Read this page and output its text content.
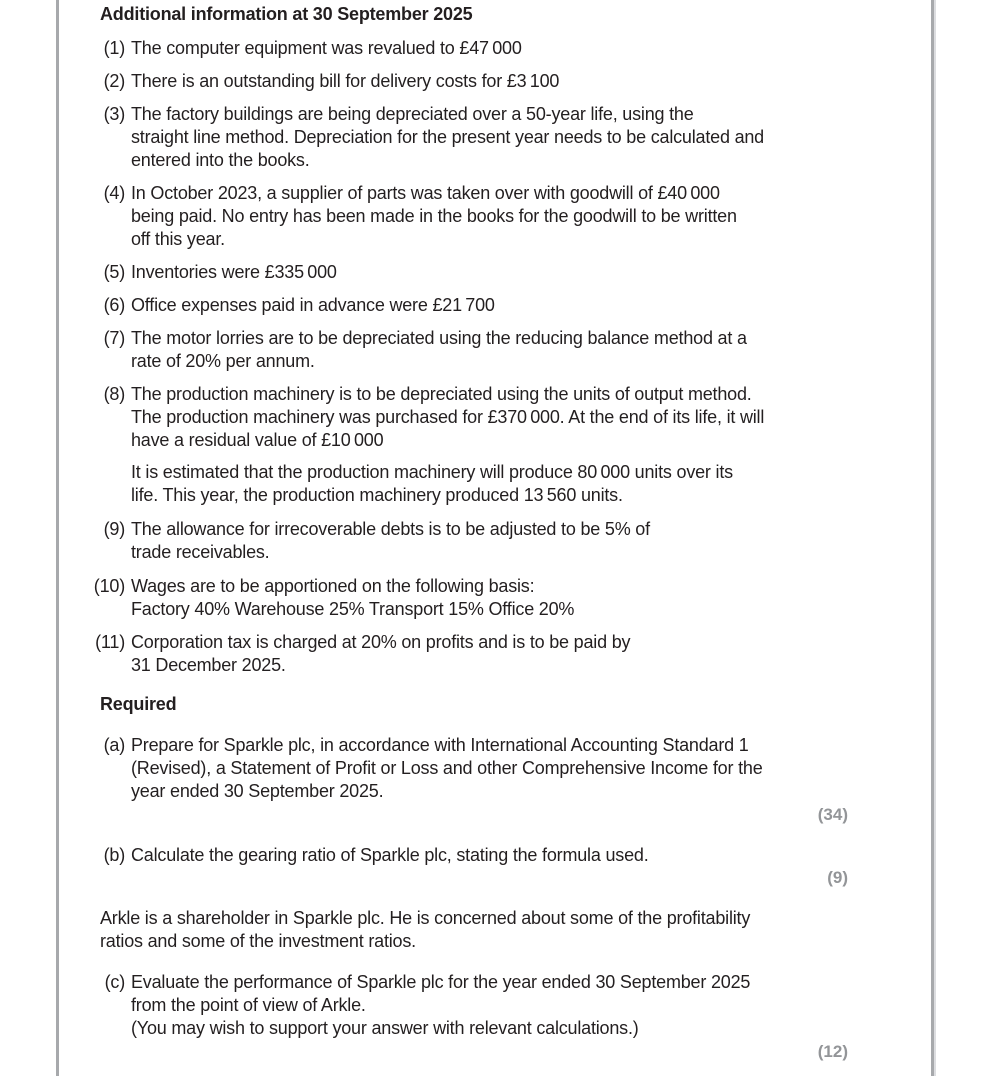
Additional information at 30 September 2025
(1) The computer equipment was revalued to £47 000
(2) There is an outstanding bill for delivery costs for £3 100
(3) The factory buildings are being depreciated over a 50-year life, using the
straight line method. Depreciation for the present year needs to be calculated and
entered into the books.
(4) In October 2023, a supplier of parts was taken over with goodwill of £40 000
being paid. No entry has been made in the books for the goodwill to be written
off this year.
(5) Inventories were £335 000
(6) Office expenses paid in advance were £21 700
(7) The motor lorries are to be depreciated using the reducing balance method at a
rate of 20% per annum.
(8) The production machinery is to be depreciated using the units of output method.
The production machinery was purchased for £370 000. At the end of its life, it will
have a residual value of £10 000
It is estimated that the production machinery will produce 80 000 units over its
life. This year, the production machinery produced 13 560 units.
(9) The allowance for irrecoverable debts is to be adjusted to be 5% of
trade receivables.
(10) Wages are to be apportioned on the following basis:
Factory 40% Warehouse 25% Transport 15% Office 20%
(11) Corporation tax is charged at 20% on profits and is to be paid by
31 December 2025.
Required
(a) Prepare for Sparkle plc, in accordance with International Accounting Standard 1
(Revised), a Statement of Profit or Loss and other Comprehensive Income for the
year ended 30 September 2025.
(34)
(b) Calculate the gearing ratio of Sparkle plc, stating the formula used.
(9)
Arkle is a shareholder in Sparkle plc. He is concerned about some of the profitability
ratios and some of the investment ratios.
(c) Evaluate the performance of Sparkle plc for the year ended 30 September 2025
from the point of view of Arkle.
(You may wish to support your answer with relevant calculations.)
(12)
